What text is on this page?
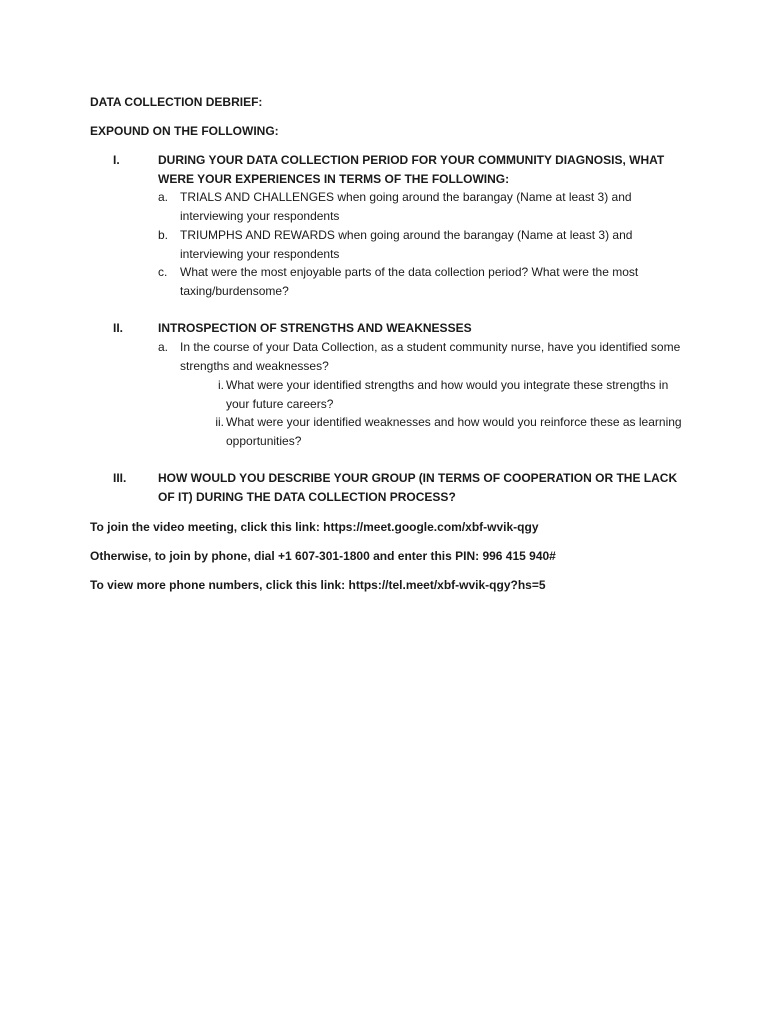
DATA COLLECTION DEBRIEF:
EXPOUND ON THE FOLLOWING:
I.	DURING YOUR DATA COLLECTION PERIOD FOR YOUR COMMUNITY DIAGNOSIS, WHAT WERE YOUR EXPERIENCES IN TERMS OF THE FOLLOWING:
a. TRIALS AND CHALLENGES when going around the barangay (Name at least 3) and interviewing your respondents
b. TRIUMPHS AND REWARDS when going around the barangay (Name at least 3) and interviewing your respondents
c.	What were the most enjoyable parts of the data collection period? What were the most taxing/burdensome?
II.	INTROSPECTION OF STRENGTHS AND WEAKNESSES
a. In the course of your Data Collection, as a student community nurse, have you identified some strengths and weaknesses?
i. What were your identified strengths and how would you integrate these strengths in your future careers?
ii. What were your identified weaknesses and how would you reinforce these as learning opportunities?
III.	HOW WOULD YOU DESCRIBE YOUR GROUP (IN TERMS OF COOPERATION OR THE LACK OF IT) DURING THE DATA COLLECTION PROCESS?
To join the video meeting, click this link: https://meet.google.com/xbf-wvik-qgy
Otherwise, to join by phone, dial +1 607-301-1800 and enter this PIN: 996 415 940#
To view more phone numbers, click this link: https://tel.meet/xbf-wvik-qgy?hs=5
